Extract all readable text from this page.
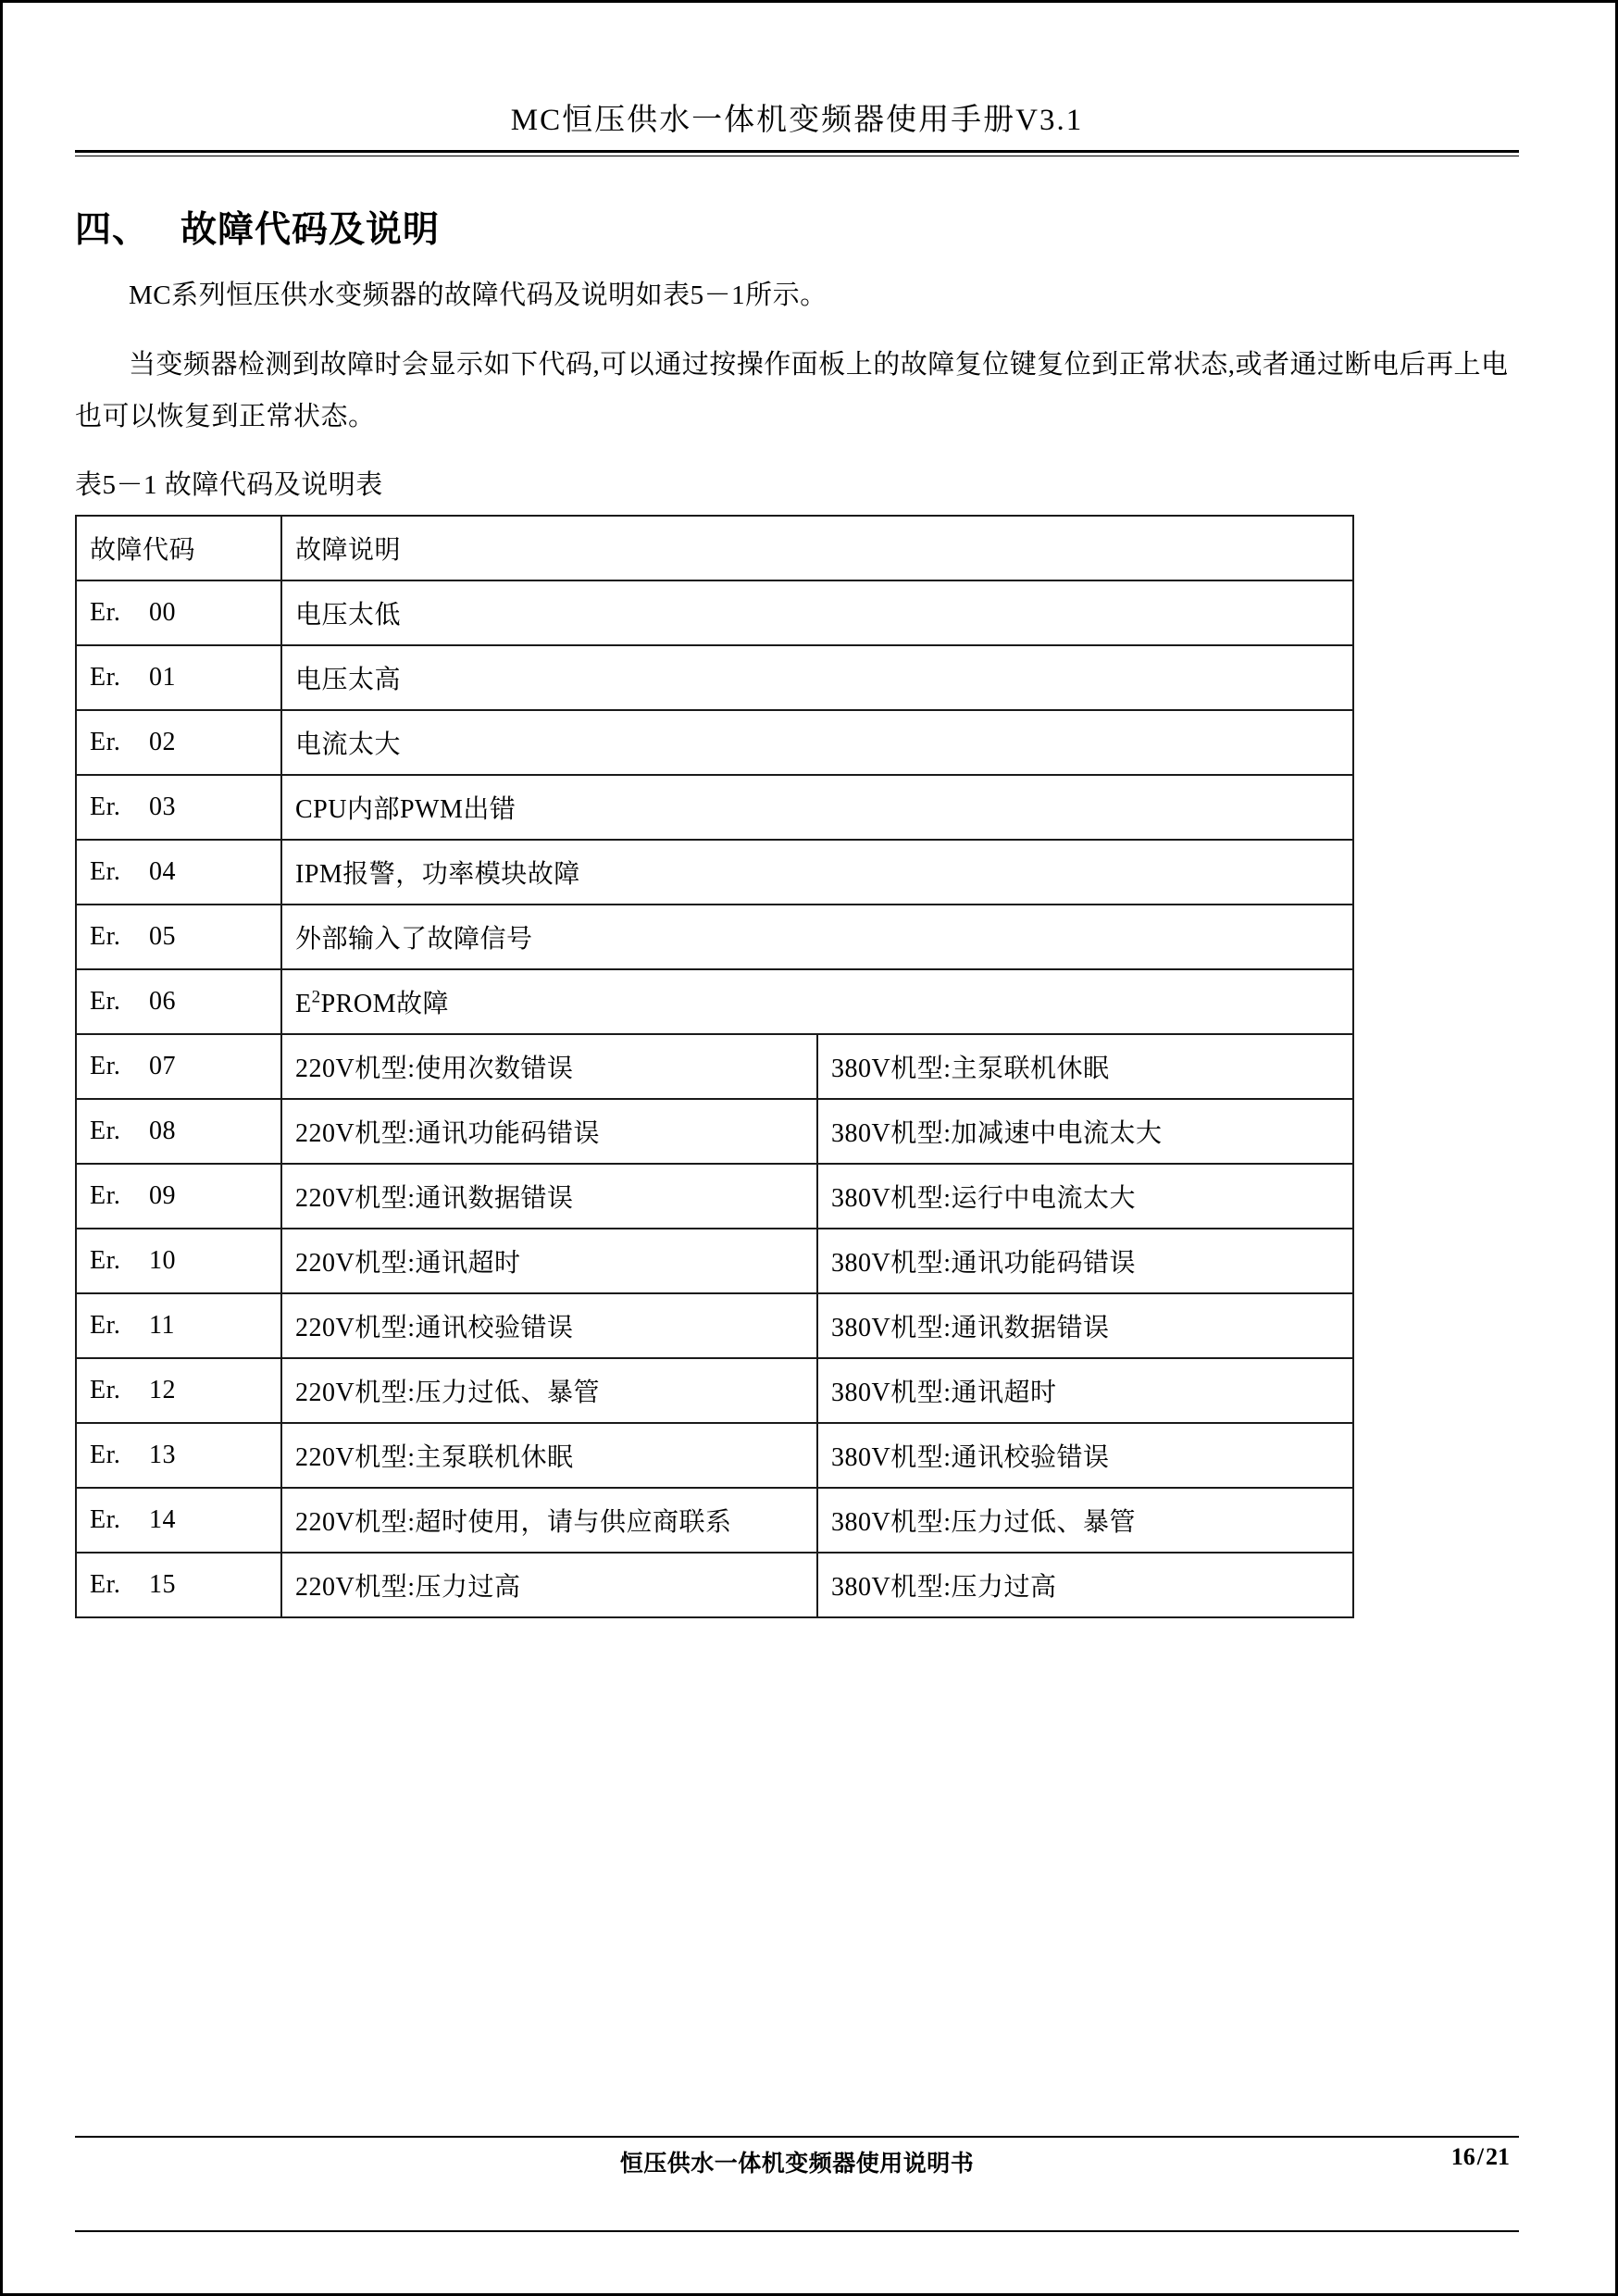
MC恒压供水一体机变频器使用手册V3.1
四、 故障代码及说明
MC系列恒压供水变频器的故障代码及说明如表5－1所示。
当变频器检测到故障时会显示如下代码,可以通过按操作面板上的故障复位键复位到正常状态,或者通过断电后再上电也可以恢复到正常状态。
表5－1 故障代码及说明表
故障代码	故障说明	
Er. 00	电压太低	
Er. 01	电压太高	
Er. 02	电流太大	
Er. 03	CPU内部PWM出错	
Er. 04	IPM报警，功率模块故障	
Er. 05	外部输入了故障信号	
Er. 06	$E^2PROM$故障	
Er. 07	220V机型:使用次数错误	380V机型:主泵联机休眠
Er. 08	220V机型:通讯功能码错误	380V机型:加减速中电流太大
Er. 09	220V机型:通讯数据错误	380V机型:运行中电流太大
Er. 10	220V机型:通讯超时	380V机型:通讯功能码错误
Er. 11	220V机型:通讯校验错误	380V机型:通讯数据错误
Er. 12	220V机型:压力过低、暴管	380V机型:通讯超时
Er. 13	220V机型:主泵联机休眠	380V机型:通讯校验错误
Er. 14	220V机型:超时使用，请与供应商联系	380V机型:压力过低、暴管
Er. 15	220V机型:压力过高	380V机型:压力过高
恒压供水一体机变频器使用说明书	16/21
